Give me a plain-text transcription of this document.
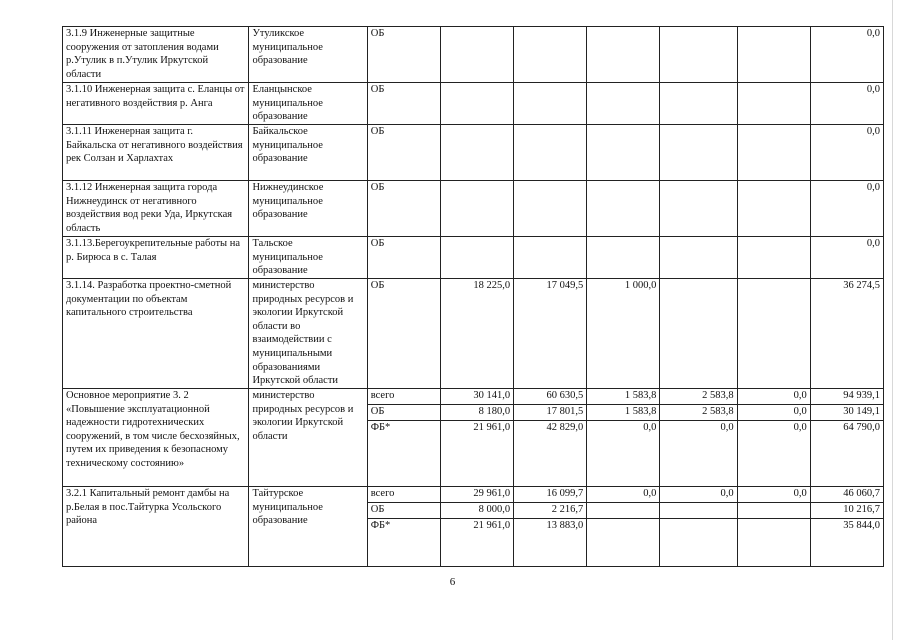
3.1.9 Инженерные защитные сооружения от затопления водами р.Утулик в п.Утулик Иркутской области	Утуликское муниципальное образование	ОБ						0,0
3.1.10 Инженерная защита с. Еланцы от негативного воздействия р. Анга	Еланцынское муниципальное образование	ОБ						0,0
3.1.11 Инженерная защита г. Байкальска от негативного воздействия рек Солзан и Харлахтах	Байкальское муниципальное образование	ОБ						0,0
3.1.12 Инженерная защита города Нижнеудинск от негативного воздействия вод реки Уда, Иркутская область	Нижнеудинское муниципальное образование	ОБ						0,0
3.1.13.Берегоукрепительные работы на р. Бирюса в с. Талая	Тальское муниципальное образование	ОБ						0,0
3.1.14. Разработка проектно-сметной документации по объектам капитального строительства	министерство природных ресурсов и экологии Иркутской области во взаимодействии с муниципальными образованиями Иркутской области	ОБ	18 225,0	17 049,5	1 000,0			36 274,5
Основное мероприятие 3. 2 «Повышение эксплуатационной надежности гидротехнических сооружений, в том числе бесхозяйных, путем их приведения к безопасному техническому состоянию»	министерство природных ресурсов и экологии Иркутской области	всего	30 141,0	60 630,5	1 583,8	2 583,8	0,0	94 939,1
		ОБ	8 180,0	17 801,5	1 583,8	2 583,8	0,0	30 149,1
		ФБ*	21 961,0	42 829,0	0,0	0,0	0,0	64 790,0
3.2.1 Капитальный ремонт дамбы на р.Белая в пос.Тайтурка Усольского района	Тайтурское муниципальное образование	всего	29 961,0	16 099,7	0,0	0,0	0,0	46 060,7
		ОБ	8 000,0	2 216,7				10 216,7
		ФБ*	21 961,0	13 883,0				35 844,0
6
